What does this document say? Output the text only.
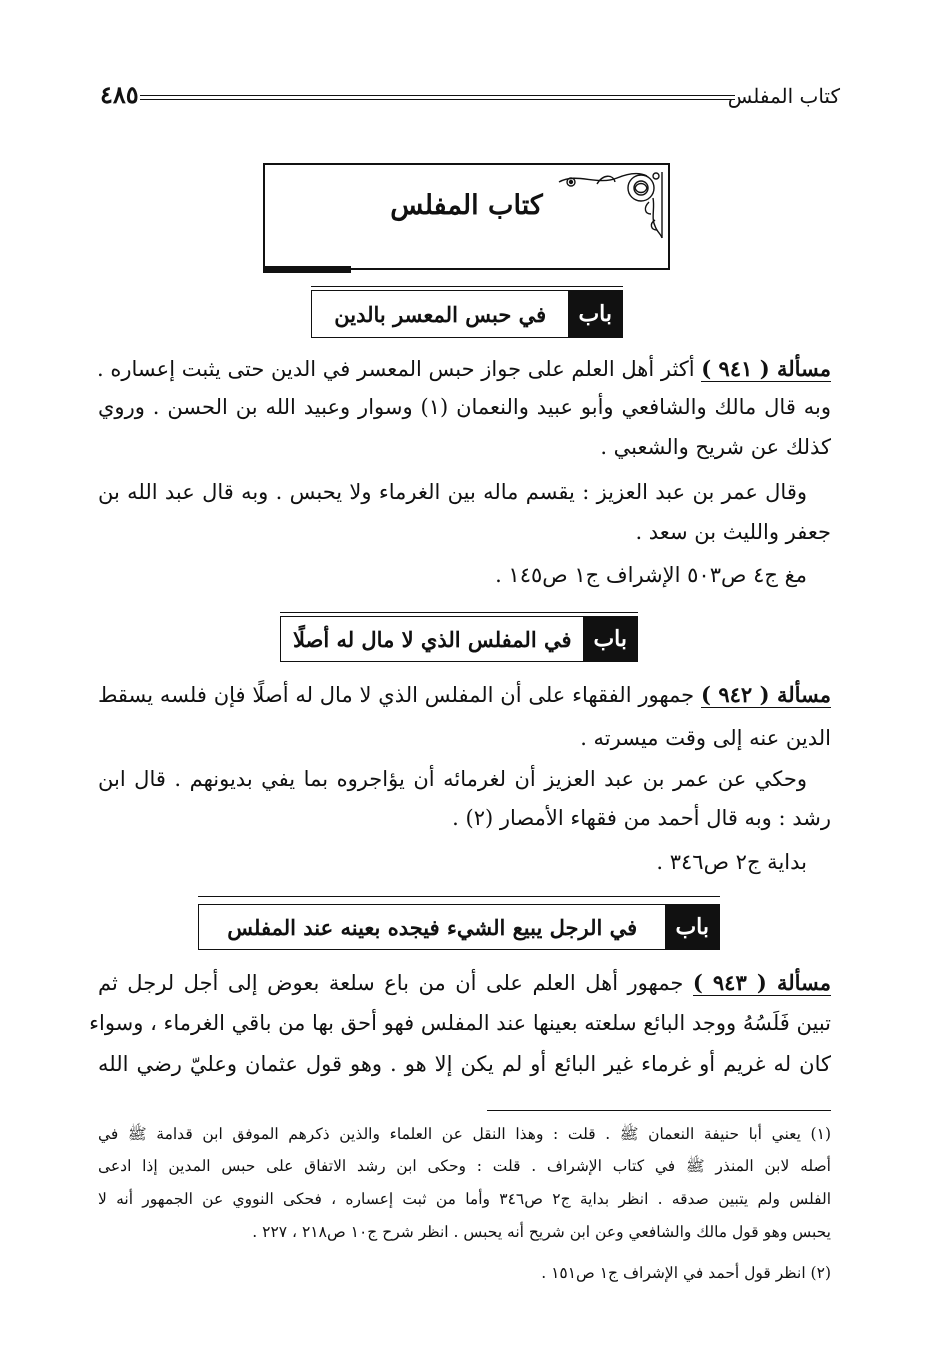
كتاب المفلس
٤٨٥
كتاب المفلس
باب
في حبس المعسر بالدين
مسألة ( ٩٤١ ) أكثر أهل العلم على جواز حبس المعسر في الدين حتى يثبت إعساره .
وبه قال مالك والشافعي وأبو عبيد والنعمان (١) وسوار وعبيد الله بن الحسن . وروي
كذلك عن شريح والشعبي .
وقال عمر بن عبد العزيز : يقسم ماله بين الغرماء ولا يحبس . وبه قال عبد الله بن
جعفر والليث بن سعد .
مغ ج٤ ص٥٠٣ الإشراف ج١ ص١٤٥ .
باب
في المفلس الذي لا مال له أصلًا
مسألة ( ٩٤٢ ) جمهور الفقهاء على أن المفلس الذي لا مال له أصلًا فإن فلسه يسقط
الدين عنه إلى وقت ميسرته .
وحكي عن عمر بن عبد العزيز أن لغرمائه أن يؤاجروه بما يفي بديونهم . قال ابن
رشد : وبه قال أحمد من فقهاء الأمصار (٢) .
بداية ج٢ ص٣٤٦ .
باب
في الرجل يبيع الشيء فيجده بعينه عند المفلس
مسألة ( ٩٤٣ ) جمهور أهل العلم على أن من باع سلعة بعوض إلى أجل لرجل ثم
تبين فَلَسُهُ ووجد البائع سلعته بعينها عند المفلس فهو أحق بها من باقي الغرماء ، وسواء
كان له غريم أو غرماء غير البائع أو لم يكن إلا هو . وهو قول عثمان وعليّ رضي الله
(١) يعني أبا حنيفة النعمان ﷺ . قلت : وهذا النقل عن العلماء والذين ذكرهم الموفق ابن قدامة ﷺ في
أصله لابن المنذر ﷺ في كتاب الإشراف . قلت : وحكى ابن رشد الاتفاق على حبس المدين إذا ادعى
الفلس ولم يتبين صدقه . انظر بداية ج٢ ص٣٤٦ وأما من ثبت إعساره ، فحكى النووي عن الجمهور أنه لا
يحبس وهو قول مالك والشافعي وعن ابن شريح أنه يحبس . انظر شرح ج١٠ ص٢١٨ ، ٢٢٧ .
(٢) انظر قول أحمد في الإشراف ج١ ص١٥١ .
